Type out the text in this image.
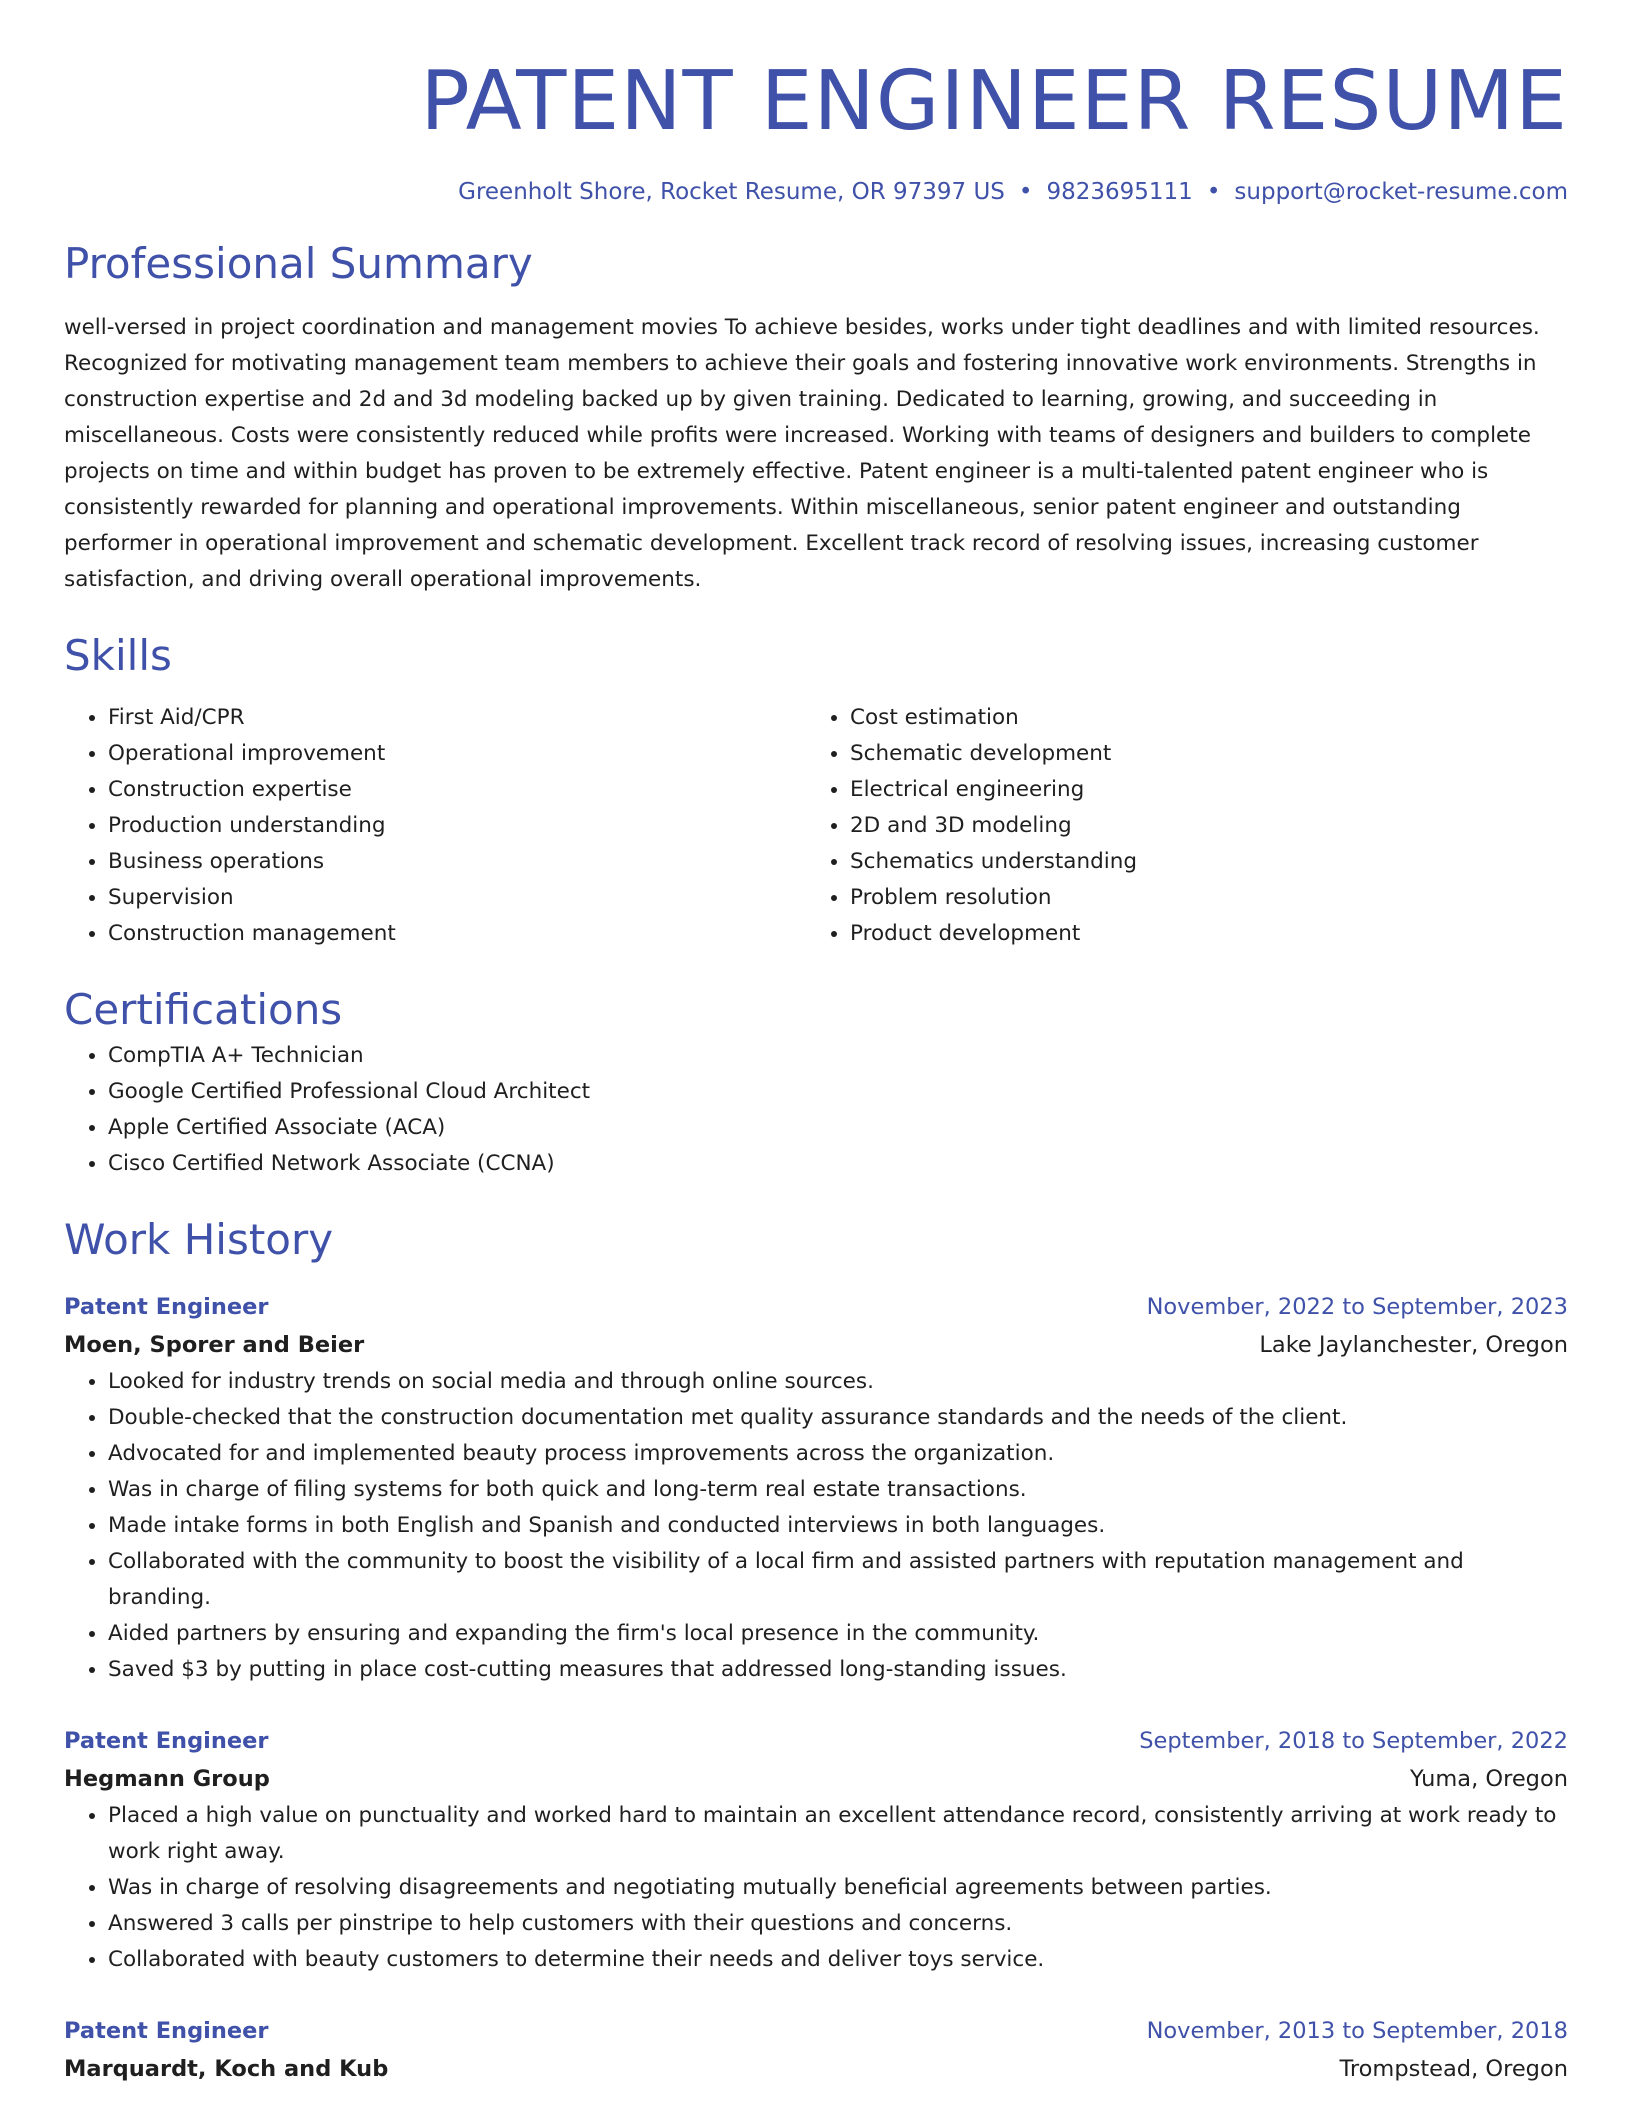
PATENT ENGINEER RESUME
Greenholt Shore, Rocket Resume, OR 97397 US • 9823695111 • support@rocket-resume.com
Professional Summary

well-versed in project coordination and management movies To achieve besides, works under tight deadlines and with limited resources. Recognized for motivating management team members to achieve their goals and fostering innovative work environments. Strengths in construction expertise and 2d and 3d modeling backed up by given training. Dedicated to learning, growing, and succeeding in miscellaneous. Costs were consistently reduced while profits were increased. Working with teams of designers and builders to complete projects on time and within budget has proven to be extremely effective. Patent engineer is a multi-talented patent engineer who is consistently rewarded for planning and operational improvements. Within miscellaneous, senior patent engineer and outstanding performer in operational improvement and schematic development. Excellent track record of resolving issues, increasing customer satisfaction, and driving overall operational improvements.

Skills
• First Aid/CPR
• Operational improvement
• Construction expertise
• Production understanding
• Business operations
• Supervision
• Construction management
• Cost estimation
• Schematic development
• Electrical engineering
• 2D and 3D modeling
• Schematics understanding
• Problem resolution
• Product development
Certifications
• CompTIA A+ Technician
• Google Certified Professional Cloud Architect
• Apple Certified Associate (ACA)
• Cisco Certified Network Associate (CCNA)
Work History
Patent Engineer	November, 2022 to September, 2023
Moen, Sporer and Beier	Lake Jaylanchester, Oregon
• Looked for industry trends on social media and through online sources.
• Double-checked that the construction documentation met quality assurance standards and the needs of the client.
• Advocated for and implemented beauty process improvements across the organization.
• Was in charge of filing systems for both quick and long-term real estate transactions.
• Made intake forms in both English and Spanish and conducted interviews in both languages.
• Collaborated with the community to boost the visibility of a local firm and assisted partners with reputation management and branding.
• Aided partners by ensuring and expanding the firm's local presence in the community.
• Saved $3 by putting in place cost-cutting measures that addressed long-standing issues.
Patent Engineer	September, 2018 to September, 2022
Hegmann Group	Yuma, Oregon
• Placed a high value on punctuality and worked hard to maintain an excellent attendance record, consistently arriving at work ready to work right away.
• Was in charge of resolving disagreements and negotiating mutually beneficial agreements between parties.
• Answered 3 calls per pinstripe to help customers with their questions and concerns.
• Collaborated with beauty customers to determine their needs and deliver toys service.
Patent Engineer	November, 2013 to September, 2018
Marquardt, Koch and Kub	Trompstead, Oregon
